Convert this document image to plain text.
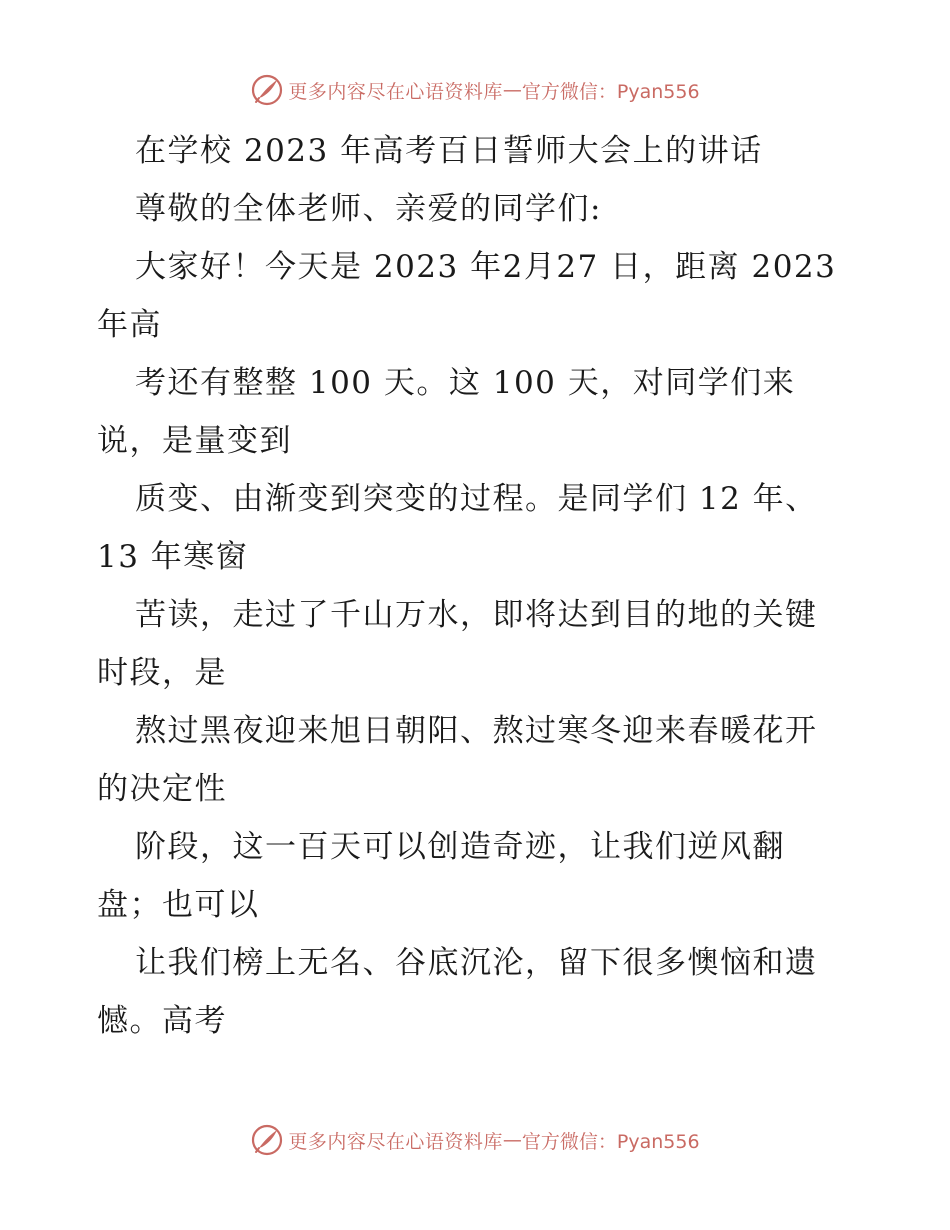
更多内容尽在心语资料库 — 官方微信：Pyan556
在学校 2023 年高考百日誓师大会上的讲话
尊敬的全体老师、亲爱的同学们:
大家好！今天是 2023 年2月27 日，距离 2023
年高
考还有整整 100 天。这 100 天，对同学们来
说，是量变到
质变、由渐变到突变的过程。是同学们 12 年、
13 年寒窗
苦读，走过了千山万水，即将达到目的地的关键
时段，是
熬过黑夜迎来旭日朝阳、熬过寒冬迎来春暖花开
的决定性
阶段，这一百天可以创造奇迹，让我们逆风翻
盘；也可以
让我们榜上无名、谷底沉沦，留下很多懊恼和遗
憾。高考
更多内容尽在心语资料库 — 官方微信：Pyan556
